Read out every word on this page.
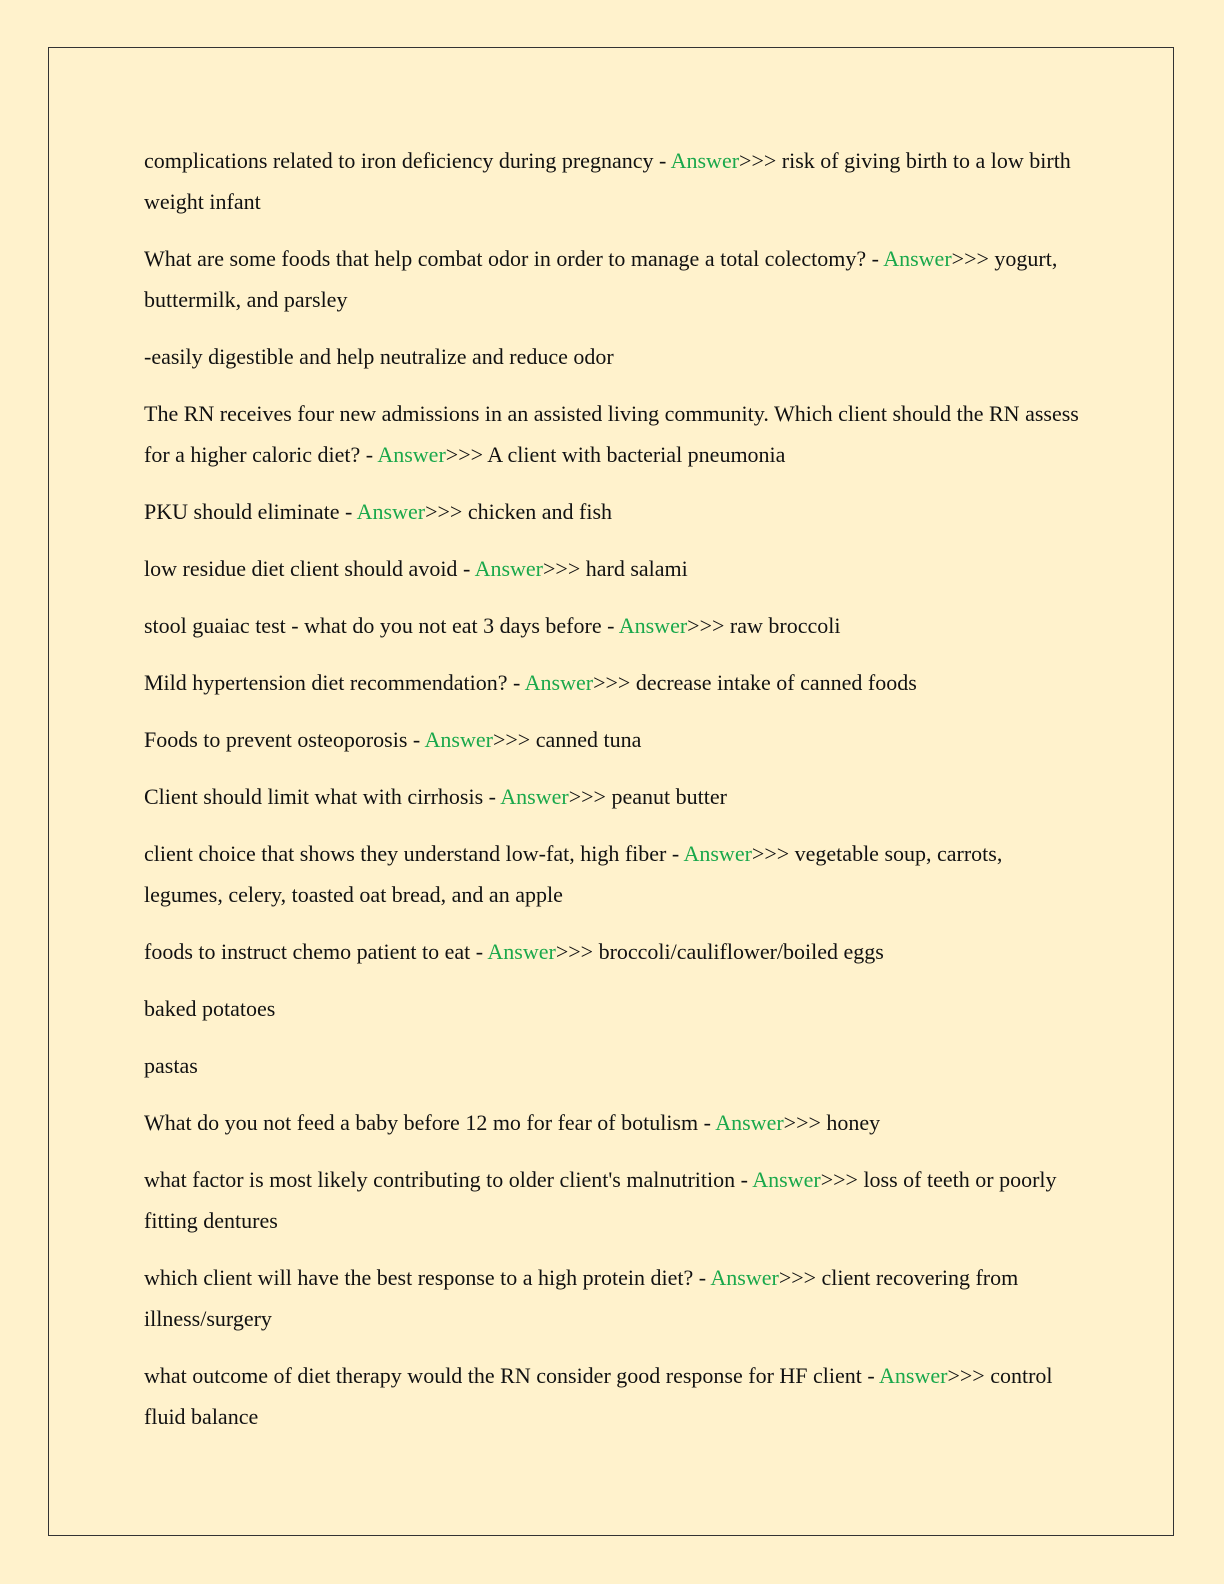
complications related to iron deficiency during pregnancy - Answer>>> risk of giving birth to a low birth weight infant

What are some foods that help combat odor in order to manage a total colectomy? - Answer>>> yogurt, buttermilk, and parsley

-easily digestible and help neutralize and reduce odor

The RN receives four new admissions in an assisted living community. Which client should the RN assess for a higher caloric diet? - Answer>>> A client with bacterial pneumonia

PKU should eliminate - Answer>>> chicken and fish

low residue diet client should avoid - Answer>>> hard salami

stool guaiac test - what do you not eat 3 days before - Answer>>> raw broccoli

Mild hypertension diet recommendation? - Answer>>> decrease intake of canned foods

Foods to prevent osteoporosis - Answer>>> canned tuna

Client should limit what with cirrhosis - Answer>>> peanut butter

client choice that shows they understand low-fat, high fiber - Answer>>> vegetable soup, carrots, legumes, celery, toasted oat bread, and an apple

foods to instruct chemo patient to eat - Answer>>> broccoli/cauliflower/boiled eggs

baked potatoes

pastas

What do you not feed a baby before 12 mo for fear of botulism - Answer>>> honey

what factor is most likely contributing to older client's malnutrition - Answer>>> loss of teeth or poorly fitting dentures

which client will have the best response to a high protein diet? - Answer>>> client recovering from illness/surgery

what outcome of diet therapy would the RN consider good response for HF client - Answer>>> control fluid balance
